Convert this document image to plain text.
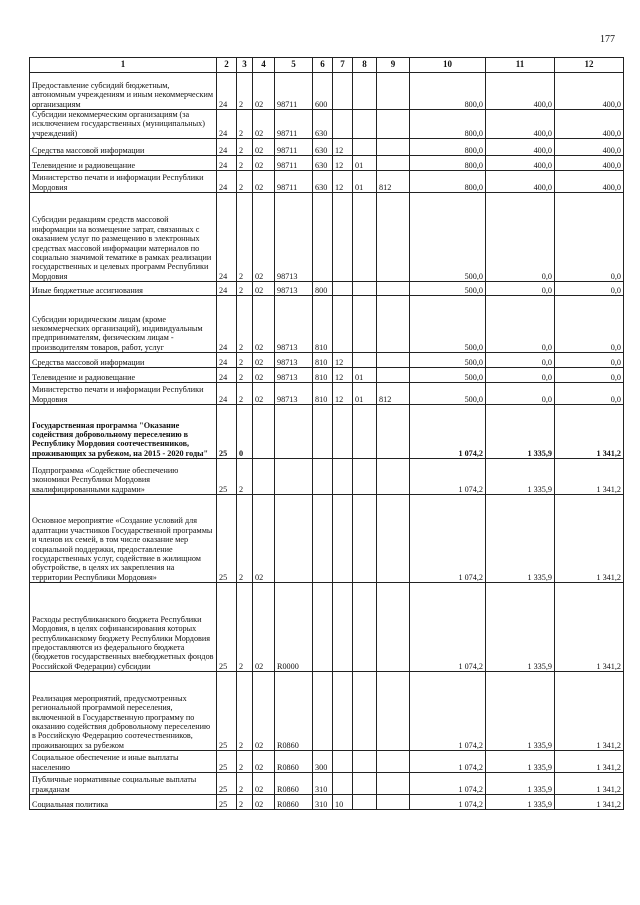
177
1	2	3	4	5	6	7	8	9	10	11	12
Предоставление субсидий бюджетным, автономным учреждениям и иным некоммерческим организациям	24	2	02	98711	600				800,0	400,0	400,0
Субсидии некоммерческим организациям (за исключением государственных (муниципальных) учреждений)	24	2	02	98711	630				800,0	400,0	400,0
Средства массовой информации	24	2	02	98711	630	12			800,0	400,0	400,0
Телевидение и радиовещание	24	2	02	98711	630	12	01		800,0	400,0	400,0
Министерство печати и информации Республики Мордовия	24	2	02	98711	630	12	01	812	800,0	400,0	400,0
Субсидии редакциям средств массовой информации на возмещение затрат, связанных с оказанием услуг по размещению в электронных средствах массовой информации материалов по социально значимой тематике в рамках реализации государственных и целевых программ Республики Мордовия	24	2	02	98713					500,0	0,0	0,0
Иные бюджетные ассигнования	24	2	02	98713	800				500,0	0,0	0,0
Субсидии юридическим лицам (кроме некоммерческих организаций), индивидуальным предпринимателям, физическим лицам - производителям товаров, работ, услуг	24	2	02	98713	810				500,0	0,0	0,0
Средства массовой информации	24	2	02	98713	810	12			500,0	0,0	0,0
Телевидение и радиовещание	24	2	02	98713	810	12	01		500,0	0,0	0,0
Министерство печати и информации Республики Мордовия	24	2	02	98713	810	12	01	812	500,0	0,0	0,0
Государственная программа "Оказание содействия добровольному переселению в Республику Мордовия соотечественников, проживающих за рубежом, на 2015 - 2020 годы"	25	0							1 074,2	1 335,9	1 341,2
Подпрограмма «Содействие обеспечению экономики Республики Мордовия квалифицированными кадрами»	25	2							1 074,2	1 335,9	1 341,2
Основное мероприятие «Создание условий для адаптации участников Государственной программы и членов их семей, в том числе оказание мер социальной поддержки, предоставление государственных услуг, содействие в жилищном обустройстве, в целях их закрепления на территории Республики Мордовия»	25	2	02						1 074,2	1 335,9	1 341,2
Расходы республиканского бюджета Республики Мордовия, в целях софинансирования которых республиканскому бюджету Республики Мордовия предоставляются из федерального бюджета (бюджетов государственных внебюджетных фондов Российской Федерации) субсидии	25	2	02	R0000					1 074,2	1 335,9	1 341,2
Реализация мероприятий, предусмотренных региональной программой переселения, включенной в Государственную программу по оказанию содействия добровольному переселению в Российскую Федерацию соотечественников, проживающих за рубежом	25	2	02	R0860					1 074,2	1 335,9	1 341,2
Социальное обеспечение и иные выплаты населению	25	2	02	R0860	300				1 074,2	1 335,9	1 341,2
Публичные нормативные социальные выплаты гражданам	25	2	02	R0860	310				1 074,2	1 335,9	1 341,2
Социальная политика	25	2	02	R0860	310	10			1 074,2	1 335,9	1 341,2
